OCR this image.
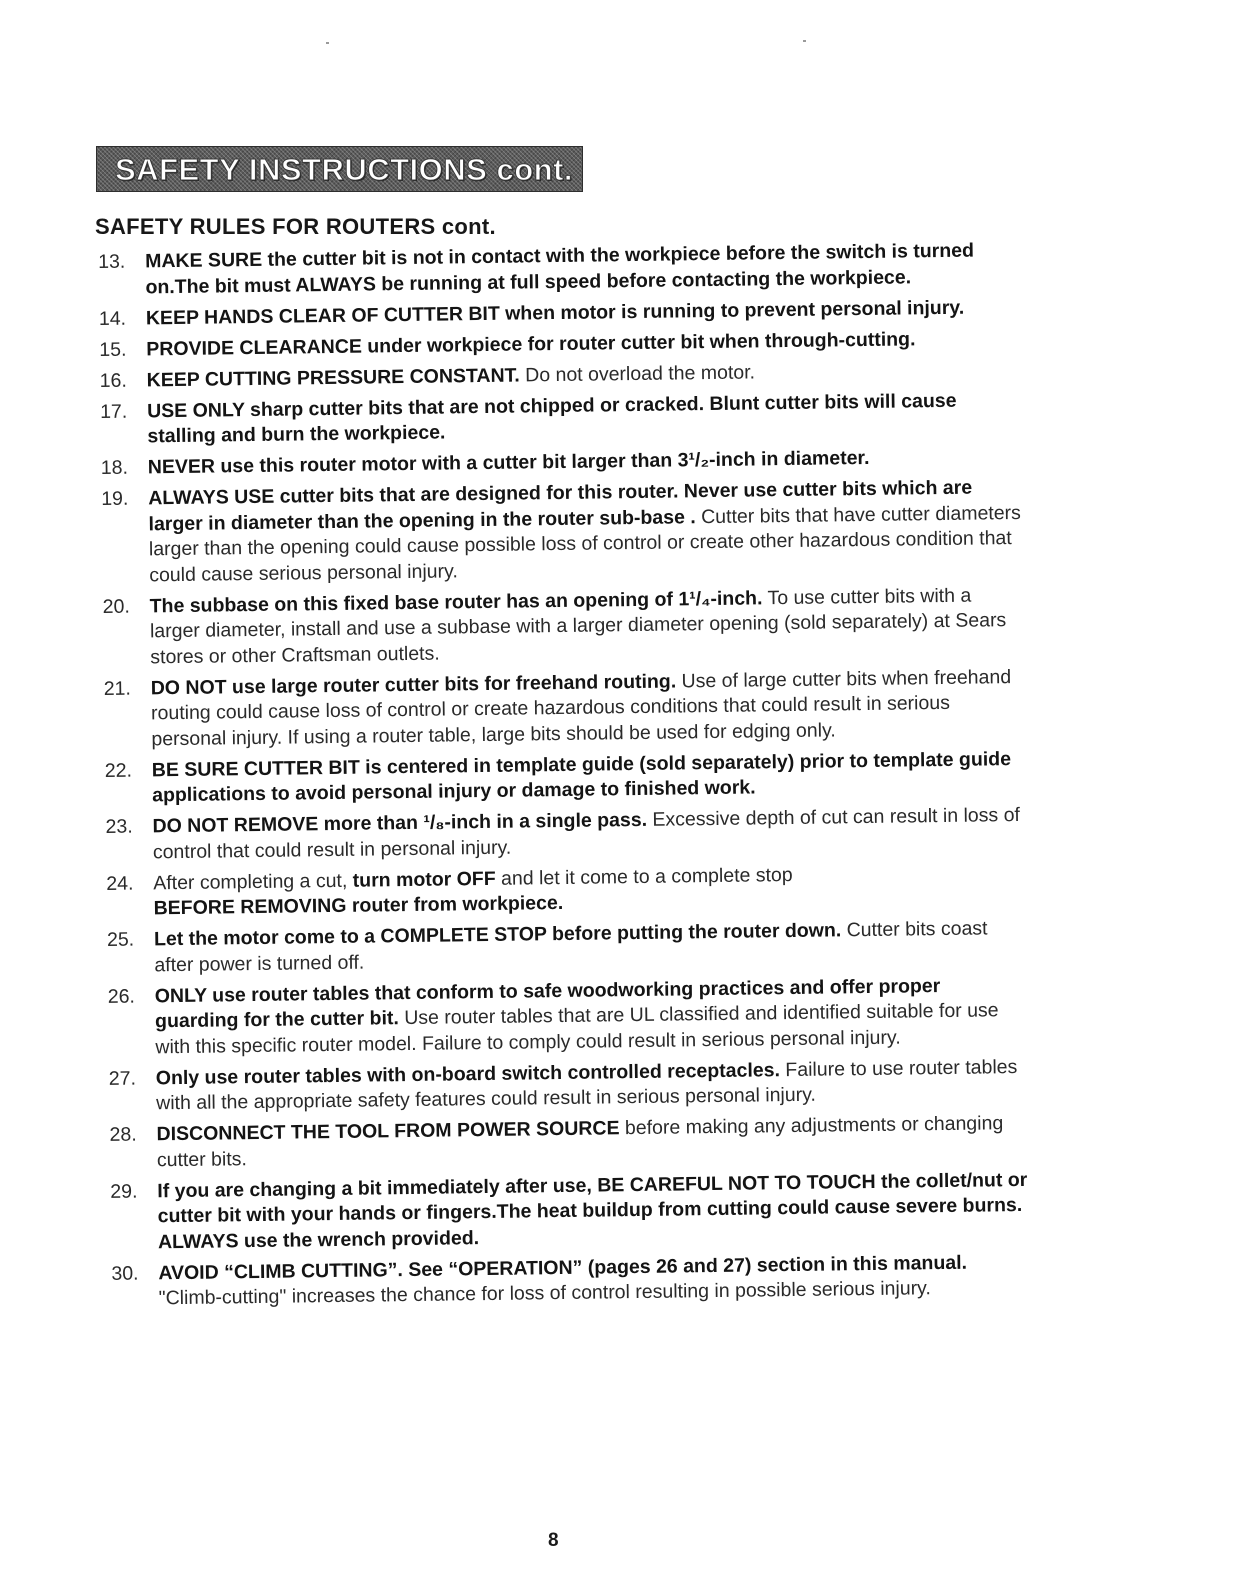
SAFETY INSTRUCTIONS cont.
SAFETY RULES FOR ROUTERS cont.
13.	MAKE SURE the cutter bit is not in contact with the workpiece before the switch is turned on.The bit must ALWAYS be running at full speed before contacting the workpiece.
14.	KEEP HANDS CLEAR OF CUTTER BIT when motor is running to prevent personal injury.
15.	PROVIDE CLEARANCE under workpiece for router cutter bit when through-cutting.
16.	KEEP CUTTING PRESSURE CONSTANT. Do not overload the motor.
17.	USE ONLY sharp cutter bits that are not chipped or cracked. Blunt cutter bits will cause stalling and burn the workpiece.
18.	NEVER use this router motor with a cutter bit larger than 3¹/₂-inch in diameter.
19.	ALWAYS USE cutter bits that are designed for this router. Never use cutter bits which are larger in diameter than the opening in the router sub-base . Cutter bits that have cutter diameters larger than the opening could cause possible loss of control or create other hazardous condition that could cause serious personal injury.
20.	The subbase on this fixed base router has an opening of 1¹/₄-inch. To use cutter bits with a larger diameter, install and use a subbase with a larger diameter opening (sold separately) at Sears stores or other Craftsman outlets.
21.	DO NOT use large router cutter bits for freehand routing. Use of large cutter bits when freehand routing could cause loss of control or create hazardous conditions that could result in serious personal injury. If using a router table, large bits should be used for edging only.
22.	BE SURE CUTTER BIT is centered in template guide (sold separately) prior to template guide applications to avoid personal injury or damage to finished work.
23.	DO NOT REMOVE more than ¹/₈-inch in a single pass. Excessive depth of cut can result in loss of control that could result in personal injury.
24.	After completing a cut, turn motor OFF and let it come to a complete stop
BEFORE REMOVING router from workpiece.
25.	Let the motor come to a COMPLETE STOP before putting the router down. Cutter bits coast after power is turned off.
26.	ONLY use router tables that conform to safe woodworking practices and offer proper guarding for the cutter bit. Use router tables that are UL classified and identified suitable for use with this specific router model. Failure to comply could result in serious personal injury.
27.	Only use router tables with on-board switch controlled receptacles. Failure to use router tables with all the appropriate safety features could result in serious personal injury.
28.	DISCONNECT THE TOOL FROM POWER SOURCE before making any adjustments or changing cutter bits.
29.	If you are changing a bit immediately after use, BE CAREFUL NOT TO TOUCH the collet/nut or cutter bit with your hands or fingers.The heat buildup from cutting could cause severe burns. ALWAYS use the wrench provided.
30.	AVOID “CLIMB CUTTING”. See “OPERATION” (pages 26 and 27) section in this manual. "Climb-cutting" increases the chance for loss of control resulting in possible serious injury.
8
